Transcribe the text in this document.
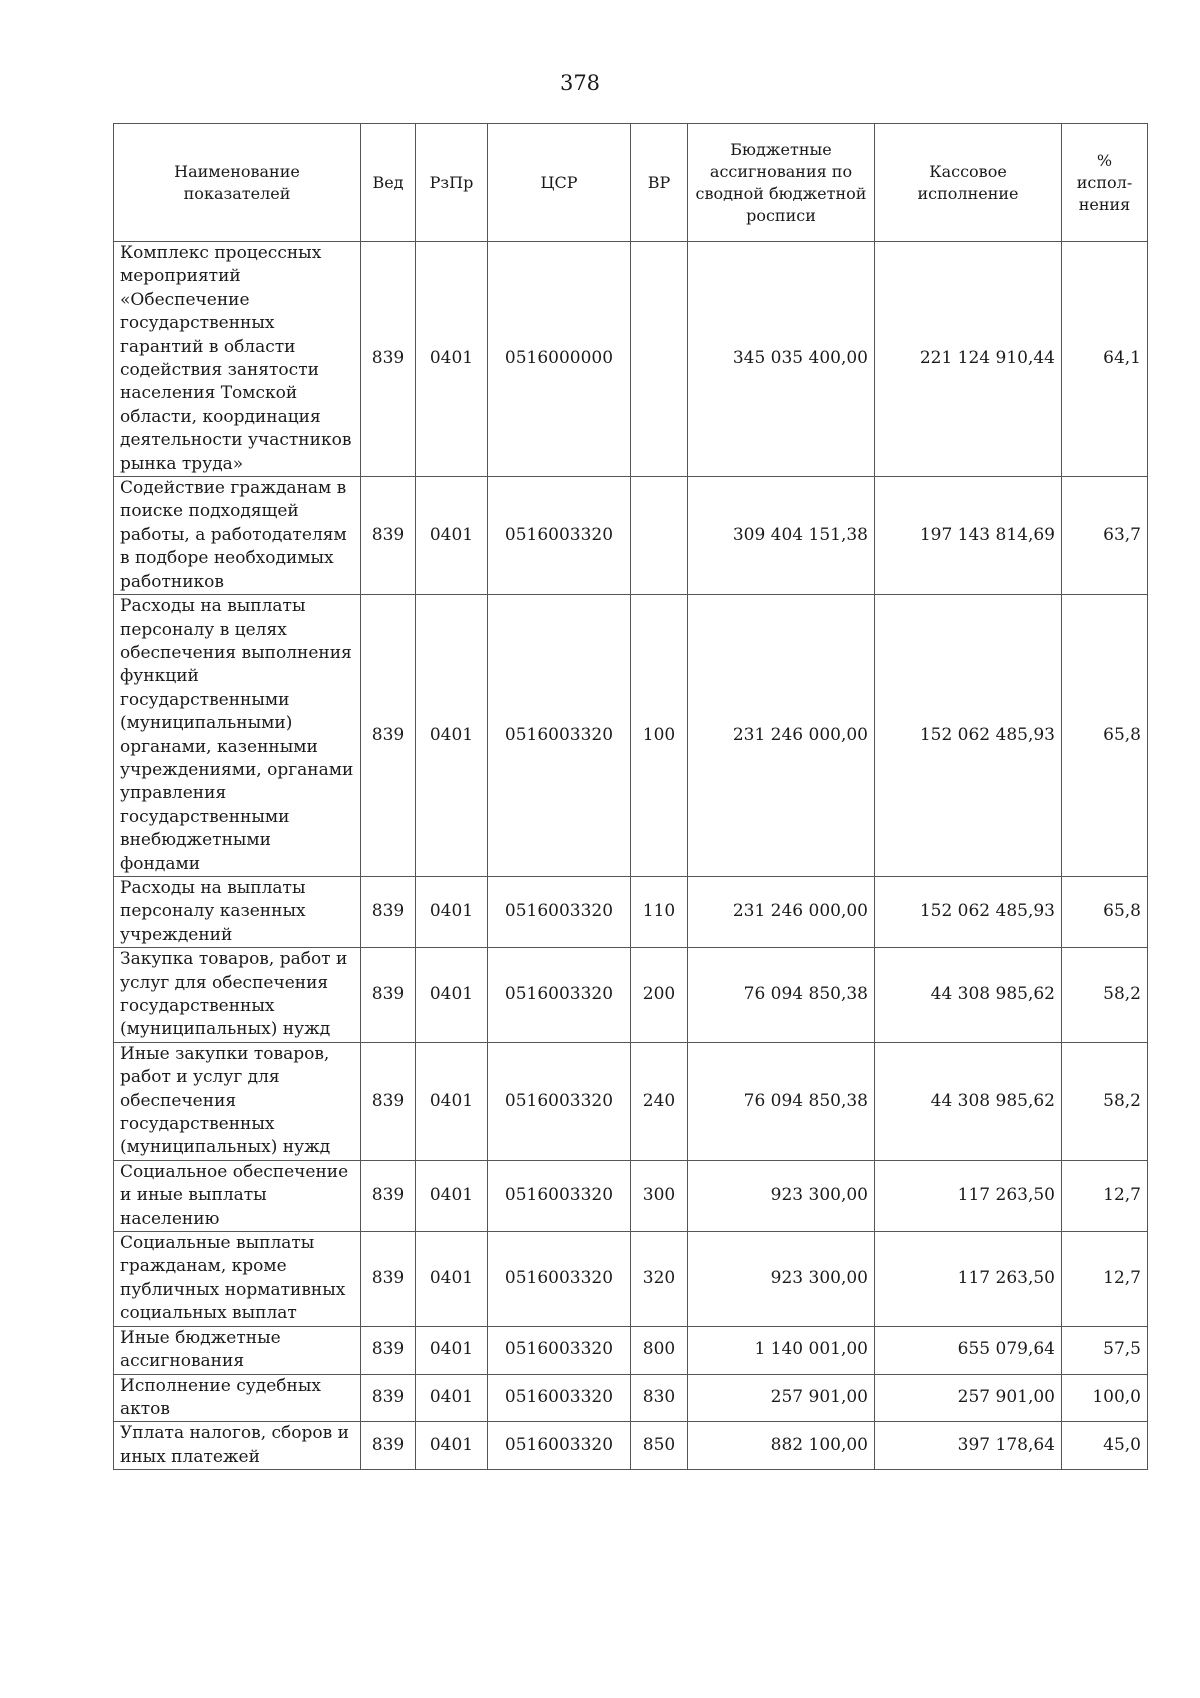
378
Наименование показателей	Вед	РзПр	ЦСР	ВР	Бюджетные ассигнования по сводной бюджетной росписи	Кассовое исполнение	% испол-нения
Комплекс процессных мероприятий «Обеспечение государственных гарантий в области содействия занятости населения Томской области, координация деятельности участников рынка труда»	839	0401	0516000000		345 035 400,00	221 124 910,44	64,1
Содействие гражданам в поиске подходящей работы, а работодателям в подборе необходимых работников	839	0401	0516003320		309 404 151,38	197 143 814,69	63,7
Расходы на выплаты персоналу в целях обеспечения выполнения функций государственными (муниципальными) органами, казенными учреждениями, органами управления государственными внебюджетными фондами	839	0401	0516003320	100	231 246 000,00	152 062 485,93	65,8
Расходы на выплаты персоналу казенных учреждений	839	0401	0516003320	110	231 246 000,00	152 062 485,93	65,8
Закупка товаров, работ и услуг для обеспечения государственных (муниципальных) нужд	839	0401	0516003320	200	76 094 850,38	44 308 985,62	58,2
Иные закупки товаров, работ и услуг для обеспечения государственных (муниципальных) нужд	839	0401	0516003320	240	76 094 850,38	44 308 985,62	58,2
Социальное обеспечение и иные выплаты населению	839	0401	0516003320	300	923 300,00	117 263,50	12,7
Социальные выплаты гражданам, кроме публичных нормативных социальных выплат	839	0401	0516003320	320	923 300,00	117 263,50	12,7
Иные бюджетные ассигнования	839	0401	0516003320	800	1 140 001,00	655 079,64	57,5
Исполнение судебных актов	839	0401	0516003320	830	257 901,00	257 901,00	100,0
Уплата налогов, сборов и иных платежей	839	0401	0516003320	850	882 100,00	397 178,64	45,0
